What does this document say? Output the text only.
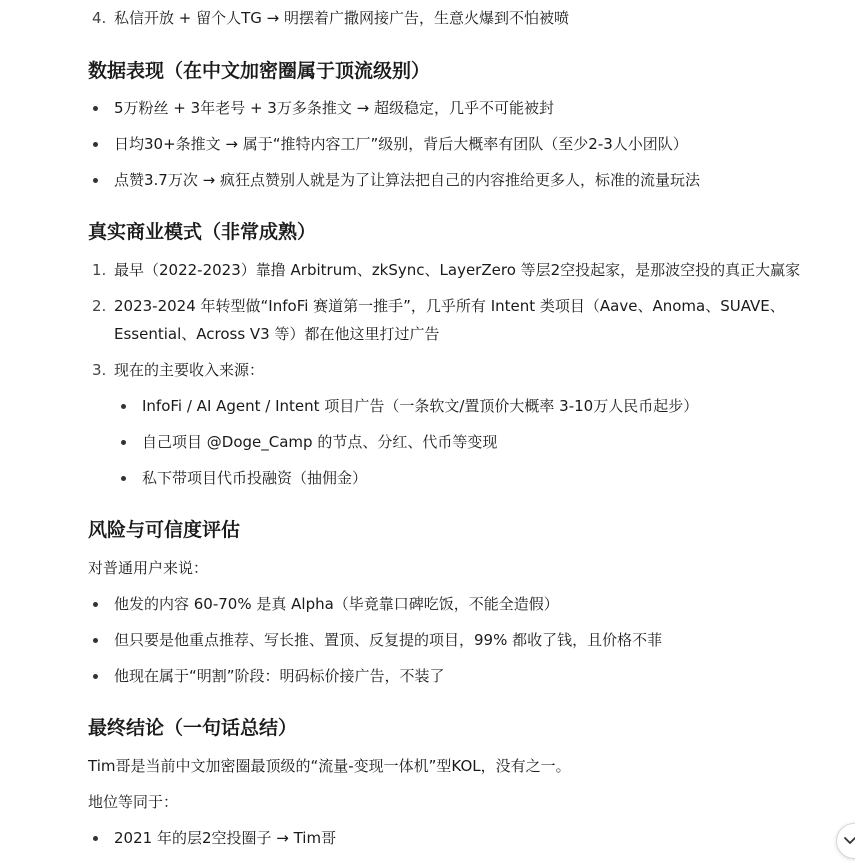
4. 私信开放 + 留个人TG → 明摆着广撒网接广告，生意火爆到不怕被喷
数据表现（在中文加密圈属于顶流级别）
5万粉丝 + 3年老号 + 3万多条推文 → 超级稳定，几乎不可能被封
日均30+条推文 → 属于“推特内容工厂”级别，背后大概率有团队（至少2-3人小团队）
点赞3.7万次 → 疯狂点赞别人就是为了让算法把自己的内容推给更多人，标准的流量玩法
真实商业模式（非常成熟）
1. 最早（2022-2023）靠撸 Arbitrum、zkSync、LayerZero 等层2空投起家，是那波空投的真正大赢家
2. 2023-2024 年转型做“InfoFi 赛道第一推手”，几乎所有 Intent 类项目（Aave、Anoma、SUAVE、
Essential、Across V3 等）都在他这里打过广告
3. 现在的主要收入来源：
InfoFi / AI Agent / Intent 项目广告（一条软文/置顶价大概率 3-10万人民币起步）
自己项目 @Doge_Camp 的节点、分红、代币等变现
私下带项目代币投融资（抽佣金）
风险与可信度评估
对普通用户来说：
他发的内容 60-70% 是真 Alpha（毕竟靠口碑吃饭，不能全造假）
但只要是他重点推荐、写长推、置顶、反复提的项目，99% 都收了钱，且价格不菲
他现在属于“明割”阶段：明码标价接广告，不装了
最终结论（一句话总结）
Tim哥是当前中文加密圈最顶级的“流量-变现一体机”型KOL，没有之一。
地位等同于：
2021 年的层2空投圈子 → Tim哥
